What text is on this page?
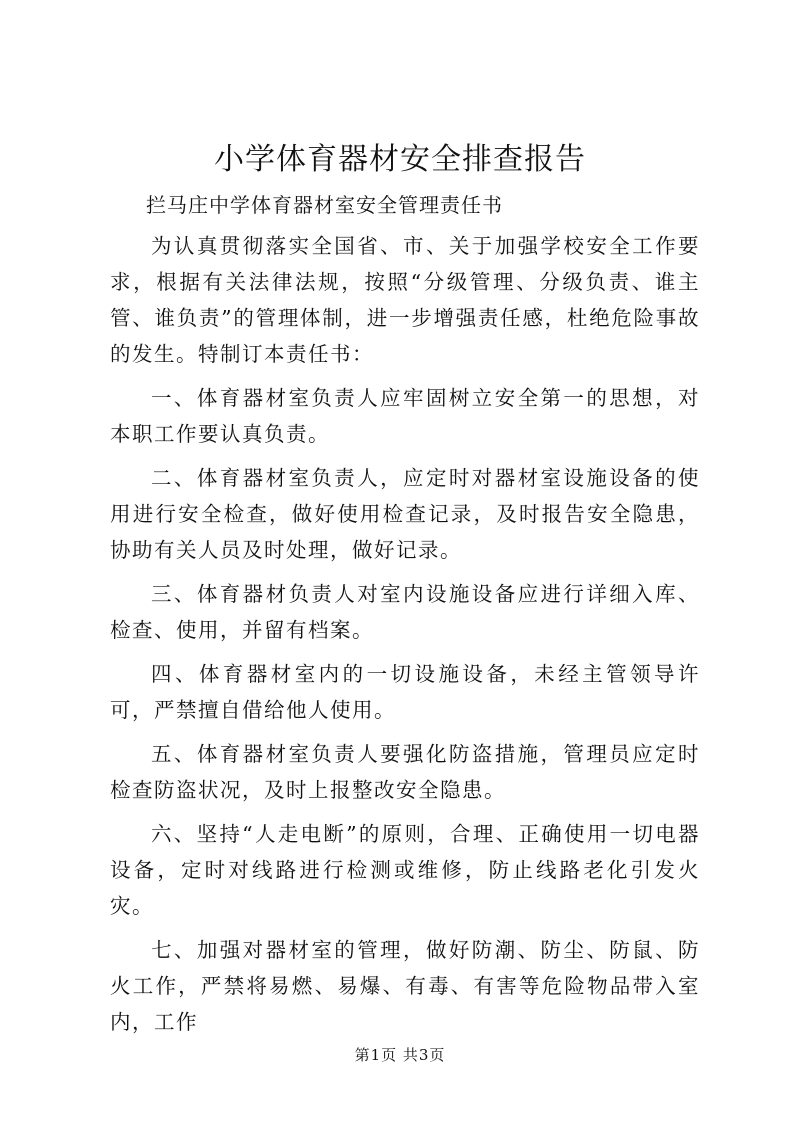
小学体育器材安全排查报告

拦马庄中学体育器材室安全管理责任书

为认真贯彻落实全国省、市、关于加强学校安全工作要求，根据有关法律法规，按照“分级管理、分级负责、谁主管、谁负责”的管理体制，进一步增强责任感，杜绝危险事故的发生。特制订本责任书：

一、体育器材室负责人应牢固树立安全第一的思想，对本职工作要认真负责。

二、体育器材室负责人，应定时对器材室设施设备的使用进行安全检查，做好使用检查记录，及时报告安全隐患，协助有关人员及时处理，做好记录。

三、体育器材负责人对室内设施设备应进行详细入库、检查、使用，并留有档案。

四、体育器材室内的一切设施设备，未经主管领导许可，严禁擅自借给他人使用。

五、体育器材室负责人要强化防盗措施，管理员应定时检查防盗状况，及时上报整改安全隐患。

六、坚持“人走电断”的原则，合理、正确使用一切电器设备，定时对线路进行检测或维修，防止线路老化引发火灾。

七、加强对器材室的管理，做好防潮、防尘、防鼠、防火工作，严禁将易燃、易爆、有毒、有害等危险物品带入室内，工作

第1页 共3页
